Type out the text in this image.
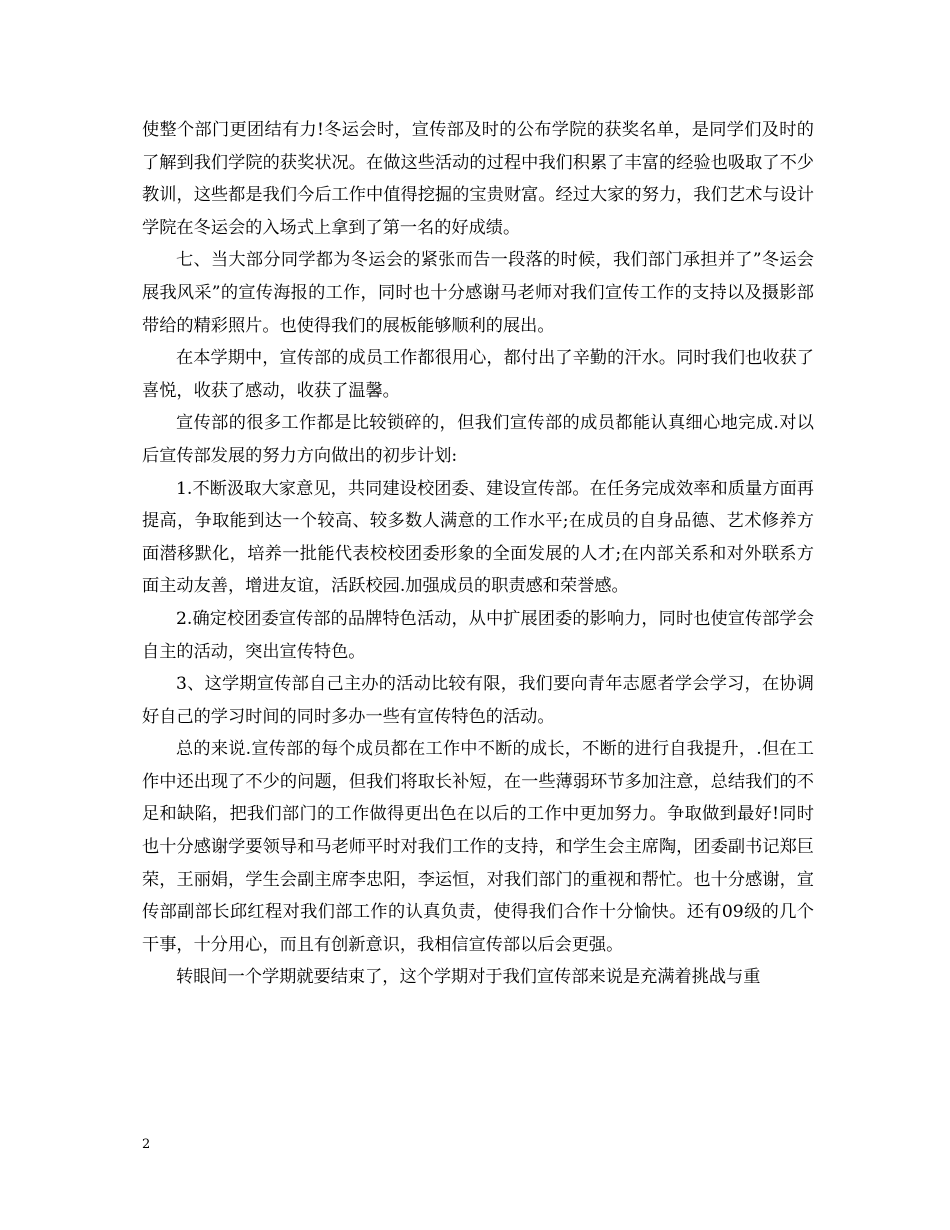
使整个部门更团结有力!冬运会时，宣传部及时的公布学院的获奖名单，是同学们及时的了解到我们学院的获奖状况。在做这些活动的过程中我们积累了丰富的经验也吸取了不少教训，这些都是我们今后工作中值得挖掘的宝贵财富。经过大家的努力，我们艺术与设计学院在冬运会的入场式上拿到了第一名的好成绩。

七、当大部分同学都为冬运会的紧张而告一段落的时候，我们部门承担并了”冬运会展我风采”的宣传海报的工作，同时也十分感谢马老师对我们宣传工作的支持以及摄影部带给的精彩照片。也使得我们的展板能够顺利的展出。

在本学期中，宣传部的成员工作都很用心，都付出了辛勤的汗水。同时我们也收获了喜悦，收获了感动，收获了温馨。

宣传部的很多工作都是比较锁碎的，但我们宣传部的成员都能认真细心地完成.对以后宣传部发展的努力方向做出的初步计划:

1.不断汲取大家意见，共同建设校团委、建设宣传部。在任务完成效率和质量方面再提高，争取能到达一个较高、较多数人满意的工作水平;在成员的自身品德、艺术修养方面潜移默化，培养一批能代表校校团委形象的全面发展的人才;在内部关系和对外联系方面主动友善，增进友谊，活跃校园.加强成员的职责感和荣誉感。

2.确定校团委宣传部的品牌特色活动，从中扩展团委的影响力，同时也使宣传部学会自主的活动，突出宣传特色。

3、这学期宣传部自己主办的活动比较有限，我们要向青年志愿者学会学习，在协调好自己的学习时间的同时多办一些有宣传特色的活动。

总的来说.宣传部的每个成员都在工作中不断的成长，不断的进行自我提升，.但在工作中还出现了不少的问题，但我们将取长补短，在一些薄弱环节多加注意，总结我们的不足和缺陷，把我们部门的工作做得更出色在以后的工作中更加努力。争取做到最好!同时也十分感谢学要领导和马老师平时对我们工作的支持，和学生会主席陶，团委副书记郑巨荣，王丽娟，学生会副主席李忠阳，李运恒，对我们部门的重视和帮忙。也十分感谢，宣传部副部长邱红程对我们部工作的认真负责，使得我们合作十分愉快。还有09级的几个干事，十分用心，而且有创新意识，我相信宣传部以后会更强。

转眼间一个学期就要结束了，这个学期对于我们宣传部来说是充满着挑战与重

2
